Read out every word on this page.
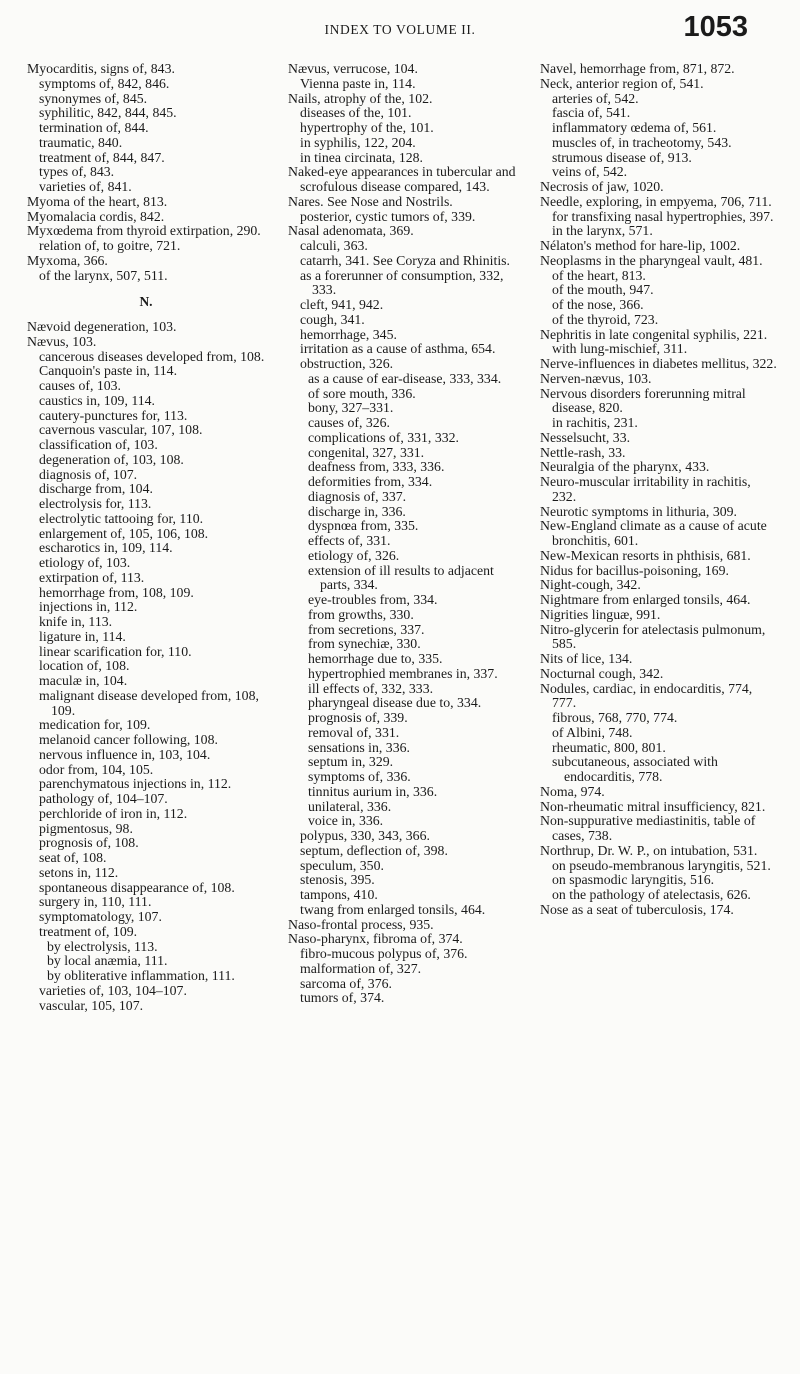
INDEX TO VOLUME II.	1053
Myocarditis, signs of, 843.
symptoms of, 842, 846.
synonymes of, 845.
syphilitic, 842, 844, 845.
termination of, 844.
traumatic, 840.
treatment of, 844, 847.
types of, 843.
varieties of, 841.
Myoma of the heart, 813.
Myomalacia cordis, 842.
Myxœdema from thyroid extirpation, 290.
relation of, to goitre, 721.
Myxoma, 366.
of the larynx, 507, 511.
N.
Nævoid degeneration, 103.
Nævus, 103.
cancerous diseases developed from, 108.
Canquoin's paste in, 114.
causes of, 103.
caustics in, 109, 114.
cautery-punctures for, 113.
cavernous vascular, 107, 108.
classification of, 103.
degeneration of, 103, 108.
diagnosis of, 107.
discharge from, 104.
electrolysis for, 113.
electrolytic tattooing for, 110.
enlargement of, 105, 106, 108.
escharotics in, 109, 114.
etiology of, 103.
extirpation of, 113.
hemorrhage from, 108, 109.
injections in, 112.
knife in, 113.
ligature in, 114.
linear scarification for, 110.
location of, 108.
maculæ in, 104.
malignant disease developed from, 108, 109.
medication for, 109.
melanoid cancer following, 108.
nervous influence in, 103, 104.
odor from, 104, 105.
parenchymatous injections in, 112.
pathology of, 104–107.
perchloride of iron in, 112.
pigmentosus, 98.
prognosis of, 108.
seat of, 108.
setons in, 112.
spontaneous disappearance of, 108.
surgery in, 110, 111.
symptomatology, 107.
treatment of, 109.
by electrolysis, 113.
by local anæmia, 111.
by obliterative inflammation, 111.
varieties of, 103, 104–107.
vascular, 105, 107.
Nævus, verrucose, 104.
Vienna paste in, 114.
Nails, atrophy of the, 102.
diseases of the, 101.
hypertrophy of the, 101.
in syphilis, 122, 204.
in tinea circinata, 128.
Naked-eye appearances in tubercular and scrofulous disease compared, 143.
Nares. See Nose and Nostrils.
posterior, cystic tumors of, 339.
Nasal adenomata, 369.
calculi, 363.
catarrh, 341. See Coryza and Rhinitis.
as a forerunner of consumption, 332, 333.
cleft, 941, 942.
cough, 341.
hemorrhage, 345.
irritation as a cause of asthma, 654.
obstruction, 326.
as a cause of ear-disease, 333, 334.
of sore mouth, 336.
bony, 327–331.
causes of, 326.
complications of, 331, 332.
congenital, 327, 331.
deafness from, 333, 336.
deformities from, 334.
diagnosis of, 337.
discharge in, 336.
dyspnœa from, 335.
effects of, 331.
etiology of, 326.
extension of ill results to adjacent parts, 334.
eye-troubles from, 334.
from growths, 330.
from secretions, 337.
from synechiæ, 330.
hemorrhage due to, 335.
hypertrophied membranes in, 337.
ill effects of, 332, 333.
pharyngeal disease due to, 334.
prognosis of, 339.
removal of, 331.
sensations in, 336.
septum in, 329.
symptoms of, 336.
tinnitus aurium in, 336.
unilateral, 336.
voice in, 336.
polypus, 330, 343, 366.
septum, deflection of, 398.
speculum, 350.
stenosis, 395.
tampons, 410.
twang from enlarged tonsils, 464.
Naso-frontal process, 935.
Naso-pharynx, fibroma of, 374.
fibro-mucous polypus of, 376.
malformation of, 327.
sarcoma of, 376.
tumors of, 374.
Navel, hemorrhage from, 871, 872.
Neck, anterior region of, 541.
arteries of, 542.
fascia of, 541.
inflammatory œdema of, 561.
muscles of, in tracheotomy, 543.
strumous disease of, 913.
veins of, 542.
Necrosis of jaw, 1020.
Needle, exploring, in empyema, 706, 711.
for transfixing nasal hypertrophies, 397.
in the larynx, 571.
Nélaton's method for hare-lip, 1002.
Neoplasms in the pharyngeal vault, 481.
of the heart, 813.
of the mouth, 947.
of the nose, 366.
of the thyroid, 723.
Nephritis in late congenital syphilis, 221.
with lung-mischief, 311.
Nerve-influences in diabetes mellitus, 322.
Nerven-nævus, 103.
Nervous disorders forerunning mitral disease, 820.
in rachitis, 231.
Nesselsucht, 33.
Nettle-rash, 33.
Neuralgia of the pharynx, 433.
Neuro-muscular irritability in rachitis, 232.
Neurotic symptoms in lithuria, 309.
New-England climate as a cause of acute bronchitis, 601.
New-Mexican resorts in phthisis, 681.
Nidus for bacillus-poisoning, 169.
Night-cough, 342.
Nightmare from enlarged tonsils, 464.
Nigrities linguæ, 991.
Nitro-glycerin for atelectasis pulmonum, 585.
Nits of lice, 134.
Nocturnal cough, 342.
Nodules, cardiac, in endocarditis, 774, 777.
fibrous, 768, 770, 774.
of Albini, 748.
rheumatic, 800, 801.
subcutaneous, associated with endocarditis, 778.
Noma, 974.
Non-rheumatic mitral insufficiency, 821.
Non-suppurative mediastinitis, table of cases, 738.
Northrup, Dr. W. P., on intubation, 531.
on pseudo-membranous laryngitis, 521.
on spasmodic laryngitis, 516.
on the pathology of atelectasis, 626.
Nose as a seat of tuberculosis, 174.
